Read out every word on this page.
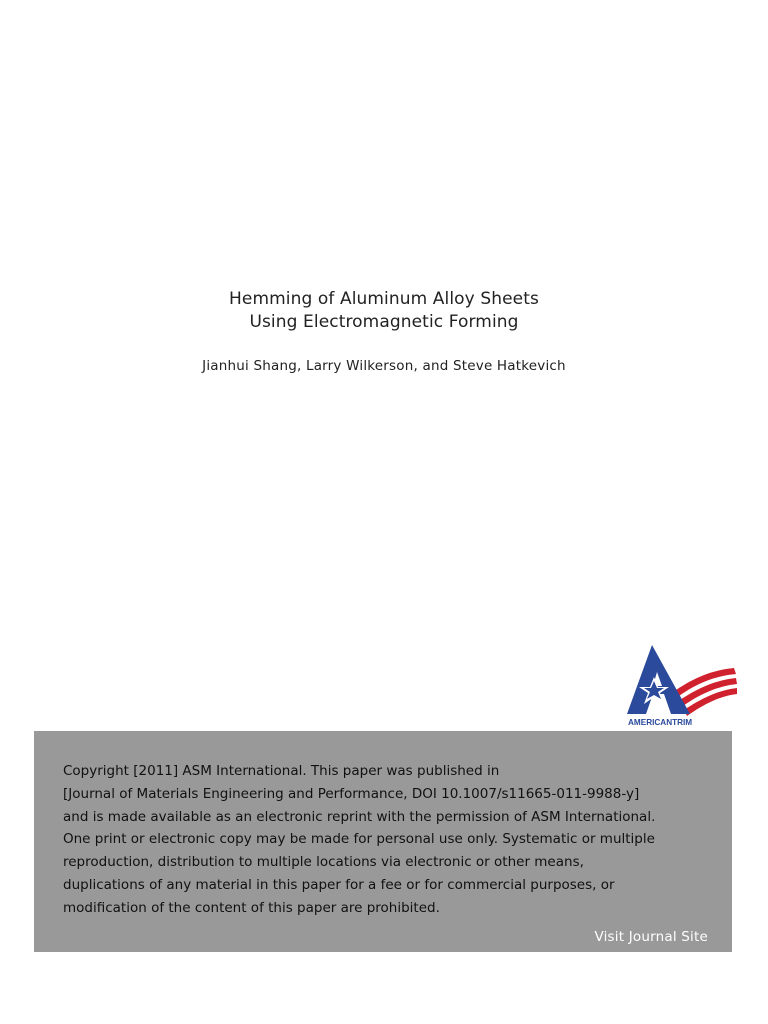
Hemming of Aluminum Alloy Sheets
Using Electromagnetic Forming
Jianhui Shang, Larry Wilkerson, and Steve Hatkevich
AMERICANTRIM

Copyright [2011] ASM International. This paper was published in
[Journal of Materials Engineering and Performance, DOI 10.1007/s11665-011-9988-y]
and is made available as an electronic reprint with the permission of ASM International.
One print or electronic copy may be made for personal use only. Systematic or multiple
reproduction, distribution to multiple locations via electronic or other means,
duplications of any material in this paper for a fee or for commercial purposes, or
modification of the content of this paper are prohibited.

Visit Journal Site
